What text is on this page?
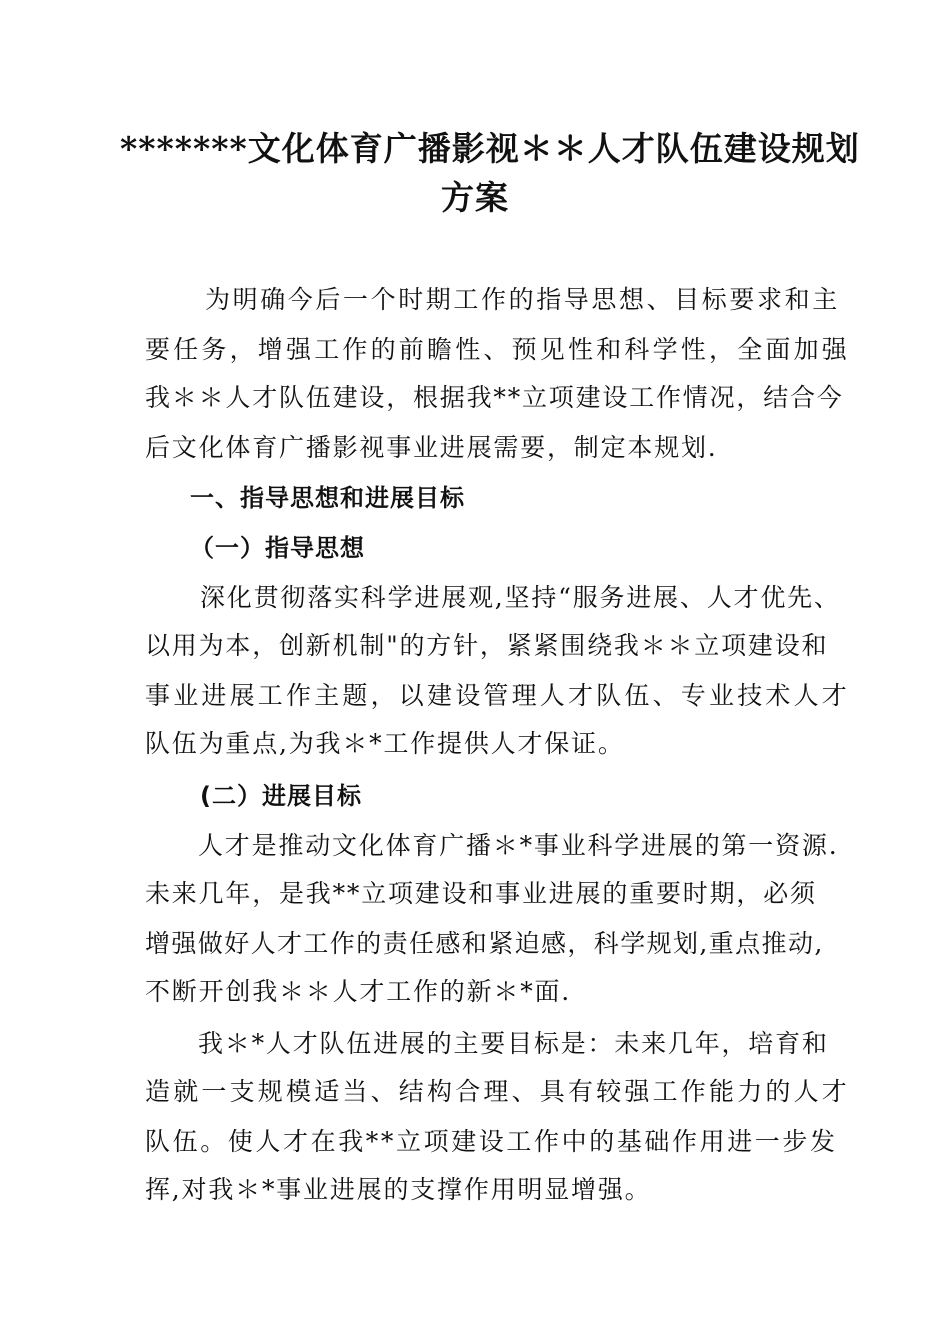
*******文化体育广播影视＊＊人才队伍建设规划
方案
为明确今后一个时期工作的指导思想、目标要求和主
要任务，增强工作的前瞻性、预见性和科学性，全面加强
我＊＊人才队伍建设，根据我**立项建设工作情况，结合今
后文化体育广播影视事业进展需要，制定本规划.
一、指导思想和进展目标
（一）指导思想
深化贯彻落实科学进展观,坚持“服务进展、人才优先、
以用为本，创新机制"的方针，紧紧围绕我＊＊立项建设和
事业进展工作主题，以建设管理人才队伍、专业技术人才
队伍为重点,为我＊*工作提供人才保证。
(二）进展目标
人才是推动文化体育广播＊*事业科学进展的第一资源.
未来几年，是我**立项建设和事业进展的重要时期，必须
增强做好人才工作的责任感和紧迫感，科学规划,重点推动,
不断开创我＊＊人才工作的新＊*面.
我＊*人才队伍进展的主要目标是：未来几年，培育和
造就一支规模适当、结构合理、具有较强工作能力的人才
队伍。使人才在我**立项建设工作中的基础作用进一步发
挥,对我＊*事业进展的支撑作用明显增强。
